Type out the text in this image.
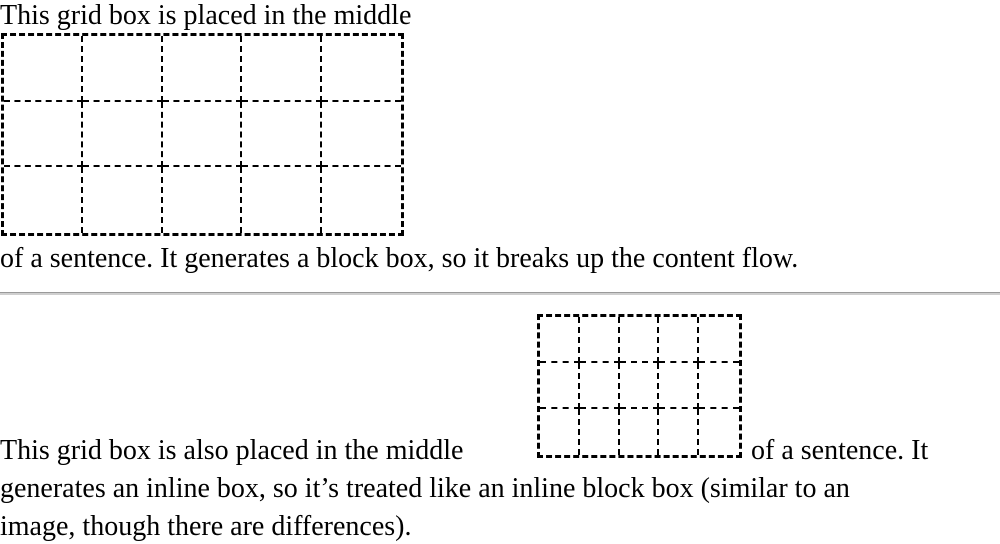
This grid box is placed in the middle
of a sentence. It generates a block box, so it breaks up the content flow.
This grid box is also placed in the middle	of a sentence. It
generates an inline box, so it’s treated like an inline block box (similar to an
image, though there are differences).
